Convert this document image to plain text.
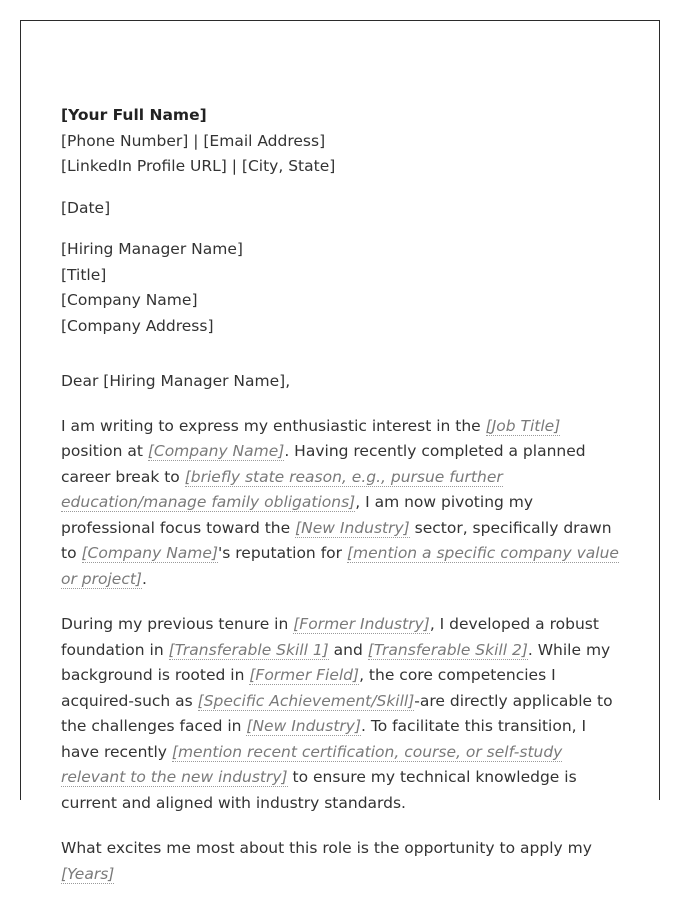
[Your Full Name]
[Phone Number] | [Email Address]
[LinkedIn Profile URL] | [City, State]
[Date]
[Hiring Manager Name]
[Title]
[Company Name]
[Company Address]
Dear [Hiring Manager Name],

I am writing to express my enthusiastic interest in the [Job Title] position at [Company Name]. Having recently completed a planned career break to [briefly state reason, e.g., pursue further education/manage family obligations], I am now pivoting my professional focus toward the [New Industry] sector, specifically drawn to [Company Name]'s reputation for [mention a specific company value or project].

During my previous tenure in [Former Industry], I developed a robust foundation in [Transferable Skill 1] and [Transferable Skill 2]. While my background is rooted in [Former Field], the core competencies I acquired-such as [Specific Achievement/Skill]-are directly applicable to the challenges faced in [New Industry]. To facilitate this transition, I have recently [mention recent certification, course, or self-study relevant to the new industry] to ensure my technical knowledge is current and aligned with industry standards.

What excites me most about this role is the opportunity to apply my [Years]
